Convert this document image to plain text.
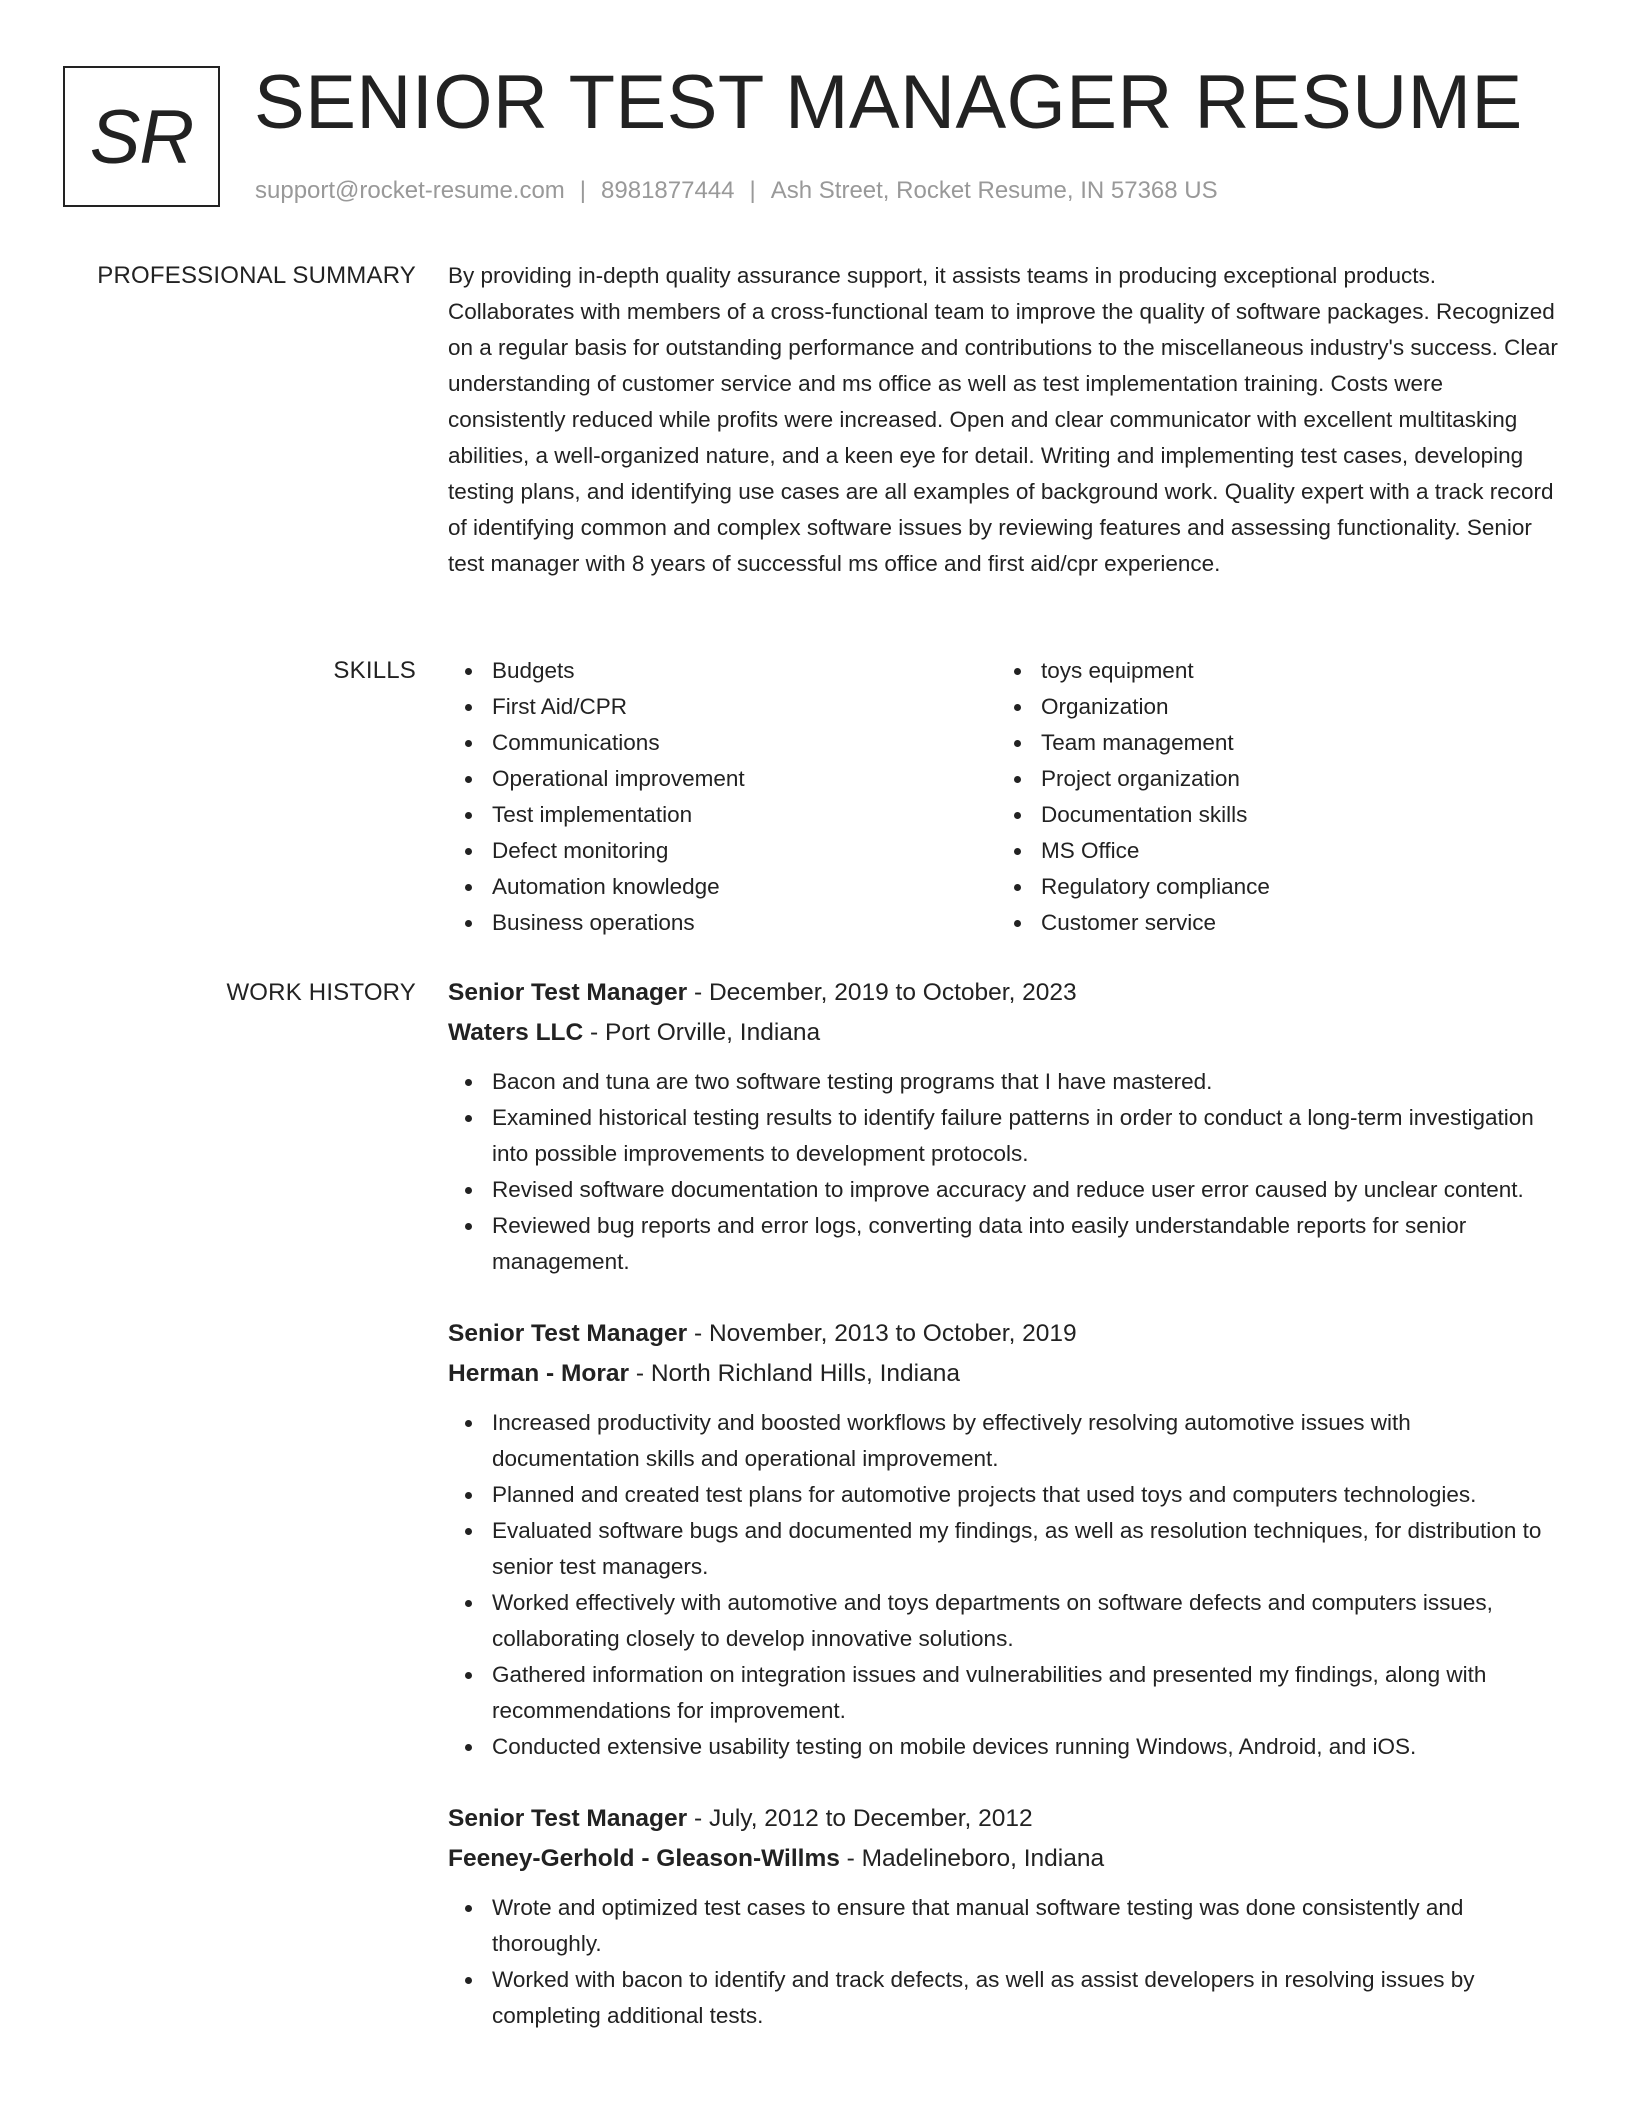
SR SENIOR TEST MANAGER RESUME
support@rocket-resume.com | 8981877444 | Ash Street, Rocket Resume, IN 57368 US
PROFESSIONAL SUMMARY By providing in-depth quality assurance support, it assists teams in producing exceptional products. Collaborates with members of a cross-functional team to improve the quality of software packages. Recognized on a regular basis for outstanding performance and contributions to the miscellaneous industry's success. Clear understanding of customer service and ms office as well as test implementation training. Costs were consistently reduced while profits were increased. Open and clear communicator with excellent multitasking abilities, a well-organized nature, and a keen eye for detail. Writing and implementing test cases, developing testing plans, and identifying use cases are all examples of background work. Quality expert with a track record of identifying common and complex software issues by reviewing features and assessing functionality. Senior test manager with 8 years of successful ms office and first aid/cpr experience.

SKILLS	Budgets
First Aid/CPR
Communications
Operational improvement
Test implementation
Defect monitoring
Automation knowledge
Business operations
toys equipment
Organization
Team management
Project organization
Documentation skills
MS Office
Regulatory compliance
Customer service
WORK HISTORY Senior Test Manager - December, 2019 to October, 2023
Waters LLC - Port Orville, Indiana
Bacon and tuna are two software testing programs that I have mastered.
Examined historical testing results to identify failure patterns in order to conduct a long-term investigation into possible improvements to development protocols.
Revised software documentation to improve accuracy and reduce user error caused by unclear content.
Reviewed bug reports and error logs, converting data into easily understandable reports for senior management.
Senior Test Manager - November, 2013 to October, 2019
Herman - Morar - North Richland Hills, Indiana
Increased productivity and boosted workflows by effectively resolving automotive issues with documentation skills and operational improvement.
Planned and created test plans for automotive projects that used toys and computers technologies.
Evaluated software bugs and documented my findings, as well as resolution techniques, for distribution to senior test managers.
Worked effectively with automotive and toys departments on software defects and computers issues, collaborating closely to develop innovative solutions.
Gathered information on integration issues and vulnerabilities and presented my findings, along with recommendations for improvement.
Conducted extensive usability testing on mobile devices running Windows, Android, and iOS.
Senior Test Manager - July, 2012 to December, 2012
Feeney-Gerhold - Gleason-Willms - Madelineboro, Indiana
Wrote and optimized test cases to ensure that manual software testing was done consistently and thoroughly.
Worked with bacon to identify and track defects, as well as assist developers in resolving issues by completing additional tests.
